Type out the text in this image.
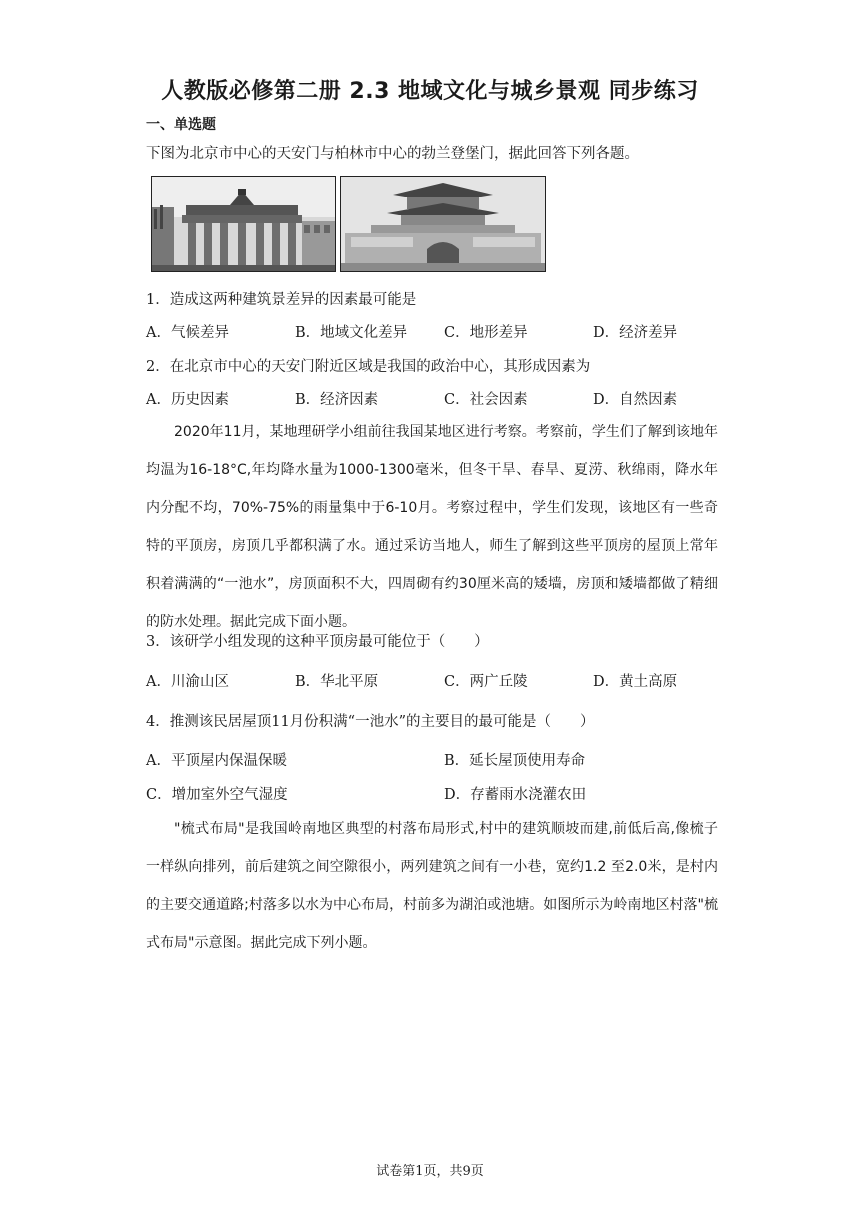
人教版必修第二册 2.3 地域文化与城乡景观 同步练习
一、单选题
下图为北京市中心的天安门与柏林市中心的勃兰登堡门，据此回答下列各题。
1．造成这两种建筑景差异的因素最可能是
A．气候差异	B．地域文化差异	C．地形差异	D．经济差异
2．在北京市中心的天安门附近区域是我国的政治中心，其形成因素为
A．历史因素	B．经济因素	C．社会因素	D．自然因素
2020年11月，某地理研学小组前往我国某地区进行考察。考察前，学生们了解到该地年均温为16-18°C,年均降水量为1000-1300毫米，但冬干旱、春旱、夏涝、秋绵雨，降水年内分配不均，70%-75%的雨量集中于6-10月。考察过程中，学生们发现，该地区有一些奇特的平顶房，房顶几乎都积满了水。通过采访当地人，师生了解到这些平顶房的屋顶上常年积着满满的“一池水”，房顶面积不大，四周砌有约30厘米高的矮墙，房顶和矮墙都做了精细的防水处理。据此完成下面小题。
3．该研学小组发现的这种平顶房最可能位于（　　）
A．川渝山区	B．华北平原	C．两广丘陵	D．黄土高原
4．推测该民居屋顶11月份积满“一池水”的主要目的最可能是（　　）
A．平顶屋内保温保暖	B．延长屋顶使用寿命
C．增加室外空气湿度	D．存蓄雨水浇灌农田
"梳式布局"是我国岭南地区典型的村落布局形式,村中的建筑顺坡而建,前低后高,像梳子一样纵向排列，前后建筑之间空隙很小，两列建筑之间有一小巷，宽约1.2 至2.0米，是村内的主要交通道路;村落多以水为中心布局，村前多为湖泊或池塘。如图所示为岭南地区村落"梳式布局"示意图。据此完成下列小题。
试卷第1页，共9页
